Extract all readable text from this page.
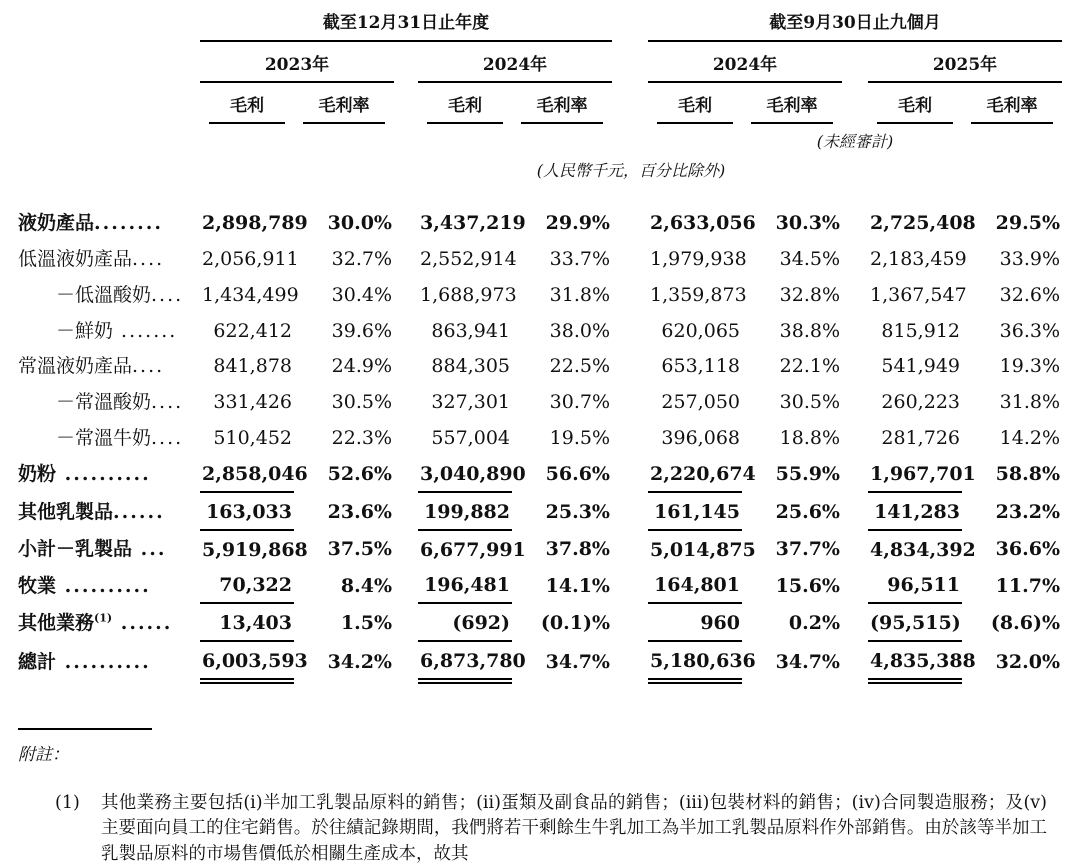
	截至12月31日止年度						截至9月30日止九個月				
	2023年			2024年			2024年			2025年	

	毛利	毛利率		毛利	毛利率		毛利	毛利率		毛利	毛利率

							(未經審計)				
	(人民幣千元，百分比除外)										
液奶產品........	2,898,789	30.0%		3,437,219	29.9%		2,633,056	30.3%		2,725,408	29.5%
低溫液奶產品....	2,056,911	32.7%		2,552,914	33.7%		1,979,938	34.5%		2,183,459	33.9%
－低溫酸奶....	1,434,499	30.4%		1,688,973	31.8%		1,359,873	32.8%		1,367,547	32.6%
－鮮奶 .......	622,412	39.6%		863,941	38.0%		620,065	38.8%		815,912	36.3%
常溫液奶產品....	841,878	24.9%		884,305	22.5%		653,118	22.1%		541,949	19.3%
－常溫酸奶....	331,426	30.5%		327,301	30.7%		257,050	30.5%		260,223	31.8%
－常溫牛奶....	510,452	22.3%		557,004	19.5%		396,068	18.8%		281,726	14.2%
奶粉 ..........	2,858,046	52.6%		3,040,890	56.6%		2,220,674	55.9%		1,967,701	58.8%
其他乳製品......	163,033	23.6%		199,882	25.3%		161,145	25.6%		141,283	23.2%
小計－乳製品 ...	5,919,868	37.5%		6,677,991	37.8%		5,014,875	37.7%		4,834,392	36.6%
牧業 ..........	70,322	8.4%		196,481	14.1%		164,801	15.6%		96,511	11.7%
其他業務$^{(1)}$ ......	13,403	1.5%		(692)	(0.1)%		960	0.2%		(95,515)	(8.6)%
總計 ..........	6,003,593	34.2%		6,873,780	34.7%		5,180,636	34.7%		4,835,388	32.0%

附註：

(1)	其他業務主要包括(i)半加工乳製品原料的銷售；(ii)蛋類及副食品的銷售；(iii)包裝材料的銷售；(iv)合同製造服務；及(v)主要面向員工的住宅銷售。於往績記錄期間，我們將若干剩餘生牛乳加工為半加工乳製品原料作外部銷售。由於該等半加工乳製品原料的市場售價低於相關生產成本，故其
